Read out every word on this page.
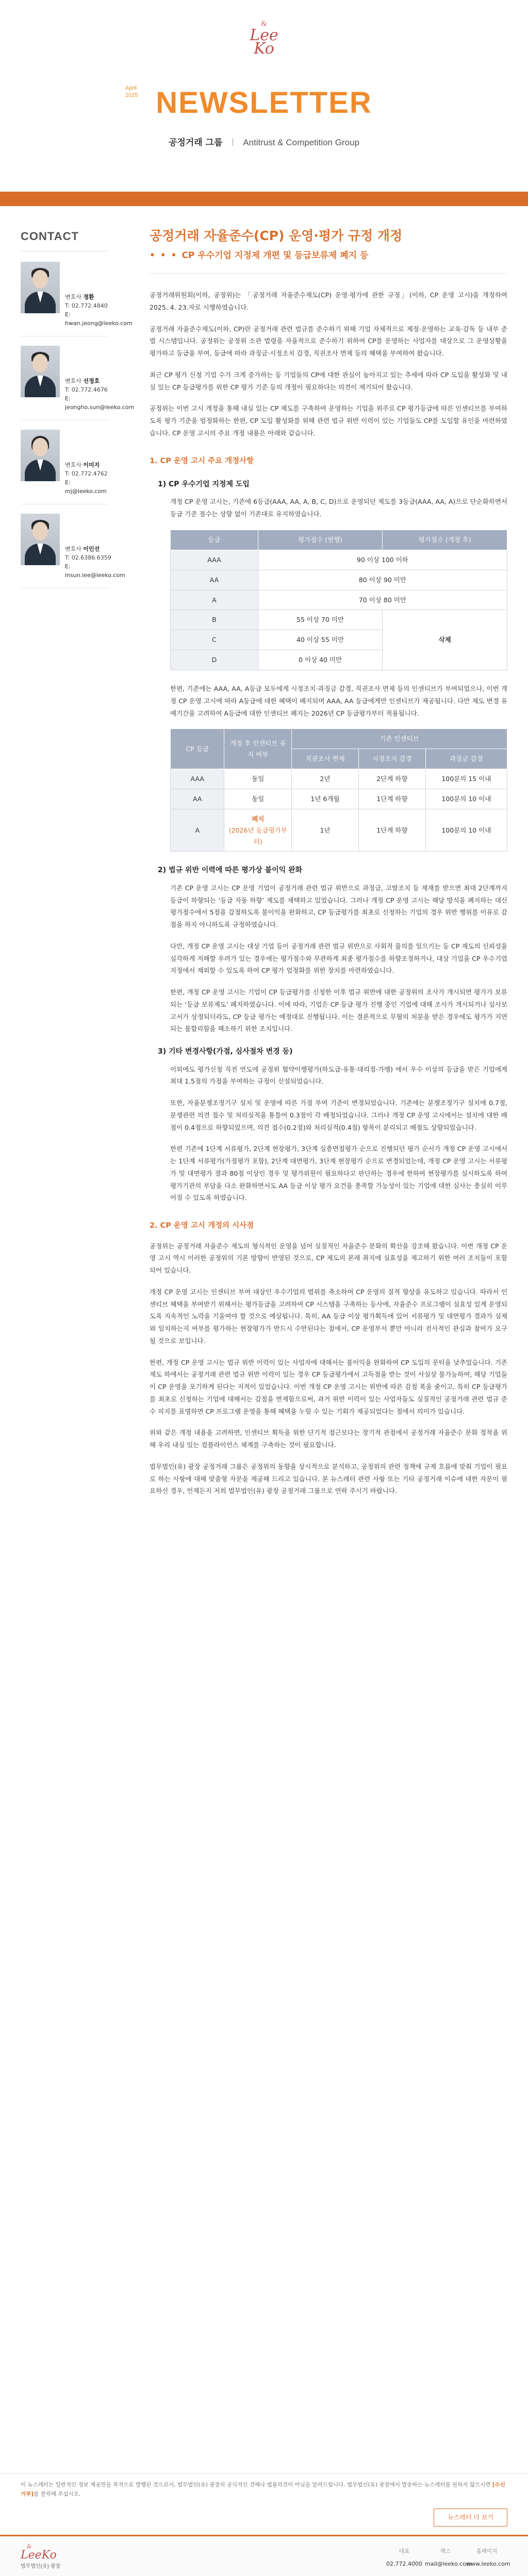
&
Lee
Ko
April 2025 NEWSLETTER
공정거래 그룹 Antitrust & Competition Group
CONTACT
변호사 정환
T: 02.772.4840
E: hwan.jeong@leeko.com
변호사 선정호
T: 02.772.4676
E: jeongho.sun@leeko.com
변호사 이미지
T: 02.772.4762
E: mj@leeko.com
변호사 이인선
T: 02.6386.6359
E: insun.lee@leeko.com
공정거래 자율준수(CP) 운영·평가 규정 개정
• • • CP 우수기업 지정제 개편 및 등급보류제 폐지 등

공정거래위원회(이하, 공정위)는 「공정거래 자율준수제도(CP) 운영·평가에 관한 규정」(이하, CP 운영 고시)을 개정하여 2025. 4. 23.자로 시행하였습니다.

공정거래 자율준수제도(이하, CP)란 공정거래 관련 법규를 준수하기 위해 기업 자체적으로 제정·운영하는 교육·감독 등 내부 준법 시스템입니다. 공정위는 공정위 소관 법령을 자율적으로 준수하기 위하여 CP를 운영하는 사업자를 대상으로 그 운영상황을 평가하고 등급을 부여, 등급에 따라 과징금·시정조치 감경, 직권조사 면제 등의 혜택을 부여하여 왔습니다.

최근 CP 평가 신청 기업 수가 크게 증가하는 등 기업들의 CP에 대한 관심이 높아지고 있는 추세에 따라 CP 도입을 활성화 및 내실 있는 CP 등급평가를 위한 CP 평가 기준 등의 개정이 필요하다는 의견이 제기되어 왔습니다.

공정위는 이번 고시 개정을 통해 내실 있는 CP 제도를 구축하여 운영하는 기업을 위주로 CP 평가등급에 따른 인센티브를 부여하도록 평가 기준을 엄정화하는 한편, CP 도입 활성화를 위해 관련 법규 위반 이력이 있는 기업들도 CP를 도입할 유인을 마련하였습니다. CP 운영 고시의 주요 개정 내용은 아래와 같습니다.

1. CP 운영 고시 주요 개정사항
1) CP 우수기업 지정제 도입

개정 CP 운영 고시는, 기존에 6등급(AAA, AA, A, B, C, D)으로 운영되던 제도를 3등급(AAA, AA, A)으로 단순화하면서 등급 기준 점수는 상향 없이 기존대로 유지하였습니다.

등급	평가점수 (현행)	평가점수 (개정 후)
AAA	90 이상 100 이하	
AA	80 이상 90 미만	
A	70 이상 80 미만	
B	55 이상 70 미만	삭제
C	40 이상 55 미만	
D	0 이상 40 미만	

한편, 기존에는 AAA, AA, A등급 모두에게 시정조치·과징금 감경, 직권조사 면제 등의 인센티브가 부여되었으나, 이번 개정 CP 운영 고시에 따라 A등급에 대한 혜택이 폐지되며 AAA, AA 등급에게만 인센티브가 제공됩니다. 다만 제도 변경 유예기간을 고려하여 A등급에 대한 인센티브 폐지는 2026년 CP 등급평가부터 적용됩니다.

CP 등급	개정 후 인센티브 유지 여부	기존 인센티브		
		직권조사 면제	시정조치 감경	과징금 감경
AAA	동일	2년	2단계 하향	100분의 15 이내
AA	동일	1년 6개월	1단계 하향	100분의 10 이내
A	폐지
(2026년 등급평가부터)	1년	1단계 하향	100분의 10 이내
2) 법규 위반 이력에 따른 평가상 불이익 완화

기존 CP 운영 고시는 CP 운영 기업이 공정거래 관련 법규 위반으로 과징금, 고발조치 등 제재를 받으면 최대 2단계까지 등급이 하향되는 ‘등급 자동 하향’ 제도를 채택하고 있었습니다. 그러나 개정 CP 운영 고시는 해당 방식을 폐지하는 대신 평가점수에서 5점을 감점하도록 불이익을 완화하고, CP 등급평가를 최초로 신청하는 기업의 경우 위반 행위를 이유로 감점을 하지 아니하도록 규정하였습니다.

다만, 개정 CP 운영 고시는 대상 기업 등이 공정거래 관련 법규 위반으로 사회적 물의를 일으키는 등 CP 제도의 신뢰성을 심각하게 저해할 우려가 있는 경우에는 평가점수와 무관하게 최종 평가점수를 하향조정하거나, 대상 기업을 CP 우수기업 지정에서 제외할 수 있도록 하여 CP 평가 엄정화를 위한 장치를 마련하였습니다.

한편, 개정 CP 운영 고시는 기업이 CP 등급평가를 신청한 이후 법규 위반에 대한 공정위의 조사가 개시되면 평가가 보류되는 ‘등급 보류제도’ 폐지하였습니다. 이에 따라, 기업은 CP 등급 평가 진행 중인 기업에 대해 조사가 개시되거나 심사보고서가 상정되더라도, CP 등급 평가는 예정대로 진행됩니다. 이는 결론적으로 무혐의 처분을 받은 경우에도 평가가 지연되는 불합리함을 해소하기 위한 조치입니다.

3) 기타 변경사항(가점, 심사절차 변경 등)

이외에도 평가신청 직전 연도에 공정위 협약이행평가(하도급·유통·대리점·가맹) 에서 우수 이상의 등급을 받은 기업에게 최대 1.5점의 가점을 부여하는 규정이 신설되었습니다.

또한, 자율분쟁조정기구 설치 및 운영에 따른 가점 부여 기준이 변경되었습니다. 기존에는 분쟁조정기구 설치에 0.7점, 분쟁관련 의견 접수 및 처리실적을 통틀어 0.3점이 각 배정되었습니다. 그러나 개정 CP 운영 고시에서는 설치에 대한 배점이 0.4점으로 하향되었으며, 의견 접수(0.2점)와 처리실적(0.4점) 항목이 분리되고 배점도 상향되었습니다.

한편 기존에 1단계 서류평가, 2단계 현장평가, 3단계 심층면접평가 순으로 진행되던 평가 순서가 개정 CP 운영 고시에서는 1단계 서류평가(가점평가 포함), 2단계 대면평가, 3단계 현장평가 순으로 변경되었는데, 개정 CP 운영 고시는 서류평가 및 대면평가 결과 80점 이상인 경우 및 평가위원이 필요하다고 판단하는 경우에 한하여 현장평가를 실시하도록 하여 평가기관의 부담을 다소 완화하면서도 AA 등급 이상 평가 요건을 충족할 가능성이 있는 기업에 대한 심사는 충실히 이루어질 수 있도록 하였습니다.

2. CP 운영 고시 개정의 시사점

공정위는 공정거래 자율준수 제도의 형식적인 운영을 넘어 실질적인 자율준수 문화의 확산을 강조해 왔습니다. 이번 개정 CP 운영 고시 역시 이러한 공정위의 기본 방향이 반영된 것으로, CP 제도의 본래 취지에 실효성을 제고하기 위한 여러 조치들이 포함되어 있습니다.

개정 CP 운영 고시는 인센티브 부여 대상인 우수기업의 범위를 축소하여 CP 운영의 질적 향상을 유도하고 있습니다. 따라서 인센티브 혜택을 부여받기 위해서는 평가등급을 고려하여 CP 시스템을 구축하는 등사에, 자율준수 프로그램이 실효성 있게 운영되도록 지속적인 노력을 기울여야 할 것으로 예상됩니다. 특히, AA 등급 이상 평가획득에 있어 서류평가 및 대면평가 결과가 실제와 일치하는지 여부를 평가하는 현장평가가 반드시 수반된다는 점에서, CP 운영부서 뿐만 아니라 전사적인 관심과 참여가 요구될 것으로 보입니다.

한편, 개정 CP 운영 고시는 법규 위반 이력이 있는 사업자에 대해서는 불이익을 완화하여 CP 도입의 문턱을 낮추었습니다. 기존 제도 하에서는 공정거래 관련 법규 위반 이력이 있는 경우 CP 등급평가에서 고득점을 받는 것이 사실상 불가능하여, 해당 기업들이 CP 운영을 포기하게 된다는 지적이 있었습니다. 이번 개정 CP 운영 고시는 위반에 따른 감점 폭을 줄이고, 특히 CP 등급평가를 최초로 신청하는 기업에 대해서는 감점을 면제함으로써, 과거 위반 이력이 있는 사업자들도 실질적인 공정거래 관련 법규 준수 의지를 표명하면 CP 프로그램 운영을 통해 혜택을 누릴 수 있는 기회가 제공되었다는 점에서 의미가 있습니다.

위와 같은 개정 내용을 고려하면, 인센티브 획득을 위한 단기적 접근보다는 장기적 관점에서 공정거래 자율준수 문화 정착을 위해 우리 내실 있는 컴플라이언스 체계를 구축하는 것이 필요합니다.

법무법인(유) 광장 공정거래 그룹은 공정위의 동향을 상시적으로 분석하고, 공정위의 관련 정책에 규제 흐름에 맞춰 기업이 필요로 하는 사항에 대해 맞춤형 자문을 제공해 드리고 있습니다. 본 뉴스레터 관련 사항 또는 기타 공정거래 이슈에 대한 자문이 필요하신 경우, 언제든지 저희 법무법인(유) 광장 공정거래 그룹으로 연락 주시기 바랍니다.

이 뉴스레터는 일반적인 정보 제공만을 목적으로 발행된 것으로서, 법무법인(유) 광장의 공식적인 견해나 법률의견이 아님을 알려드립니다. 법무법인(유) 광장에서 발송하는 뉴스레터를 원하지 않으시면 [수신거부]를 클릭해 주십시오.
뉴스레터 더 보기
&
LeeKo
법무법인(유) 광장
대표
02.772.4000
팩스
mail@leeko.com
홈페이지
www.leeko.com
